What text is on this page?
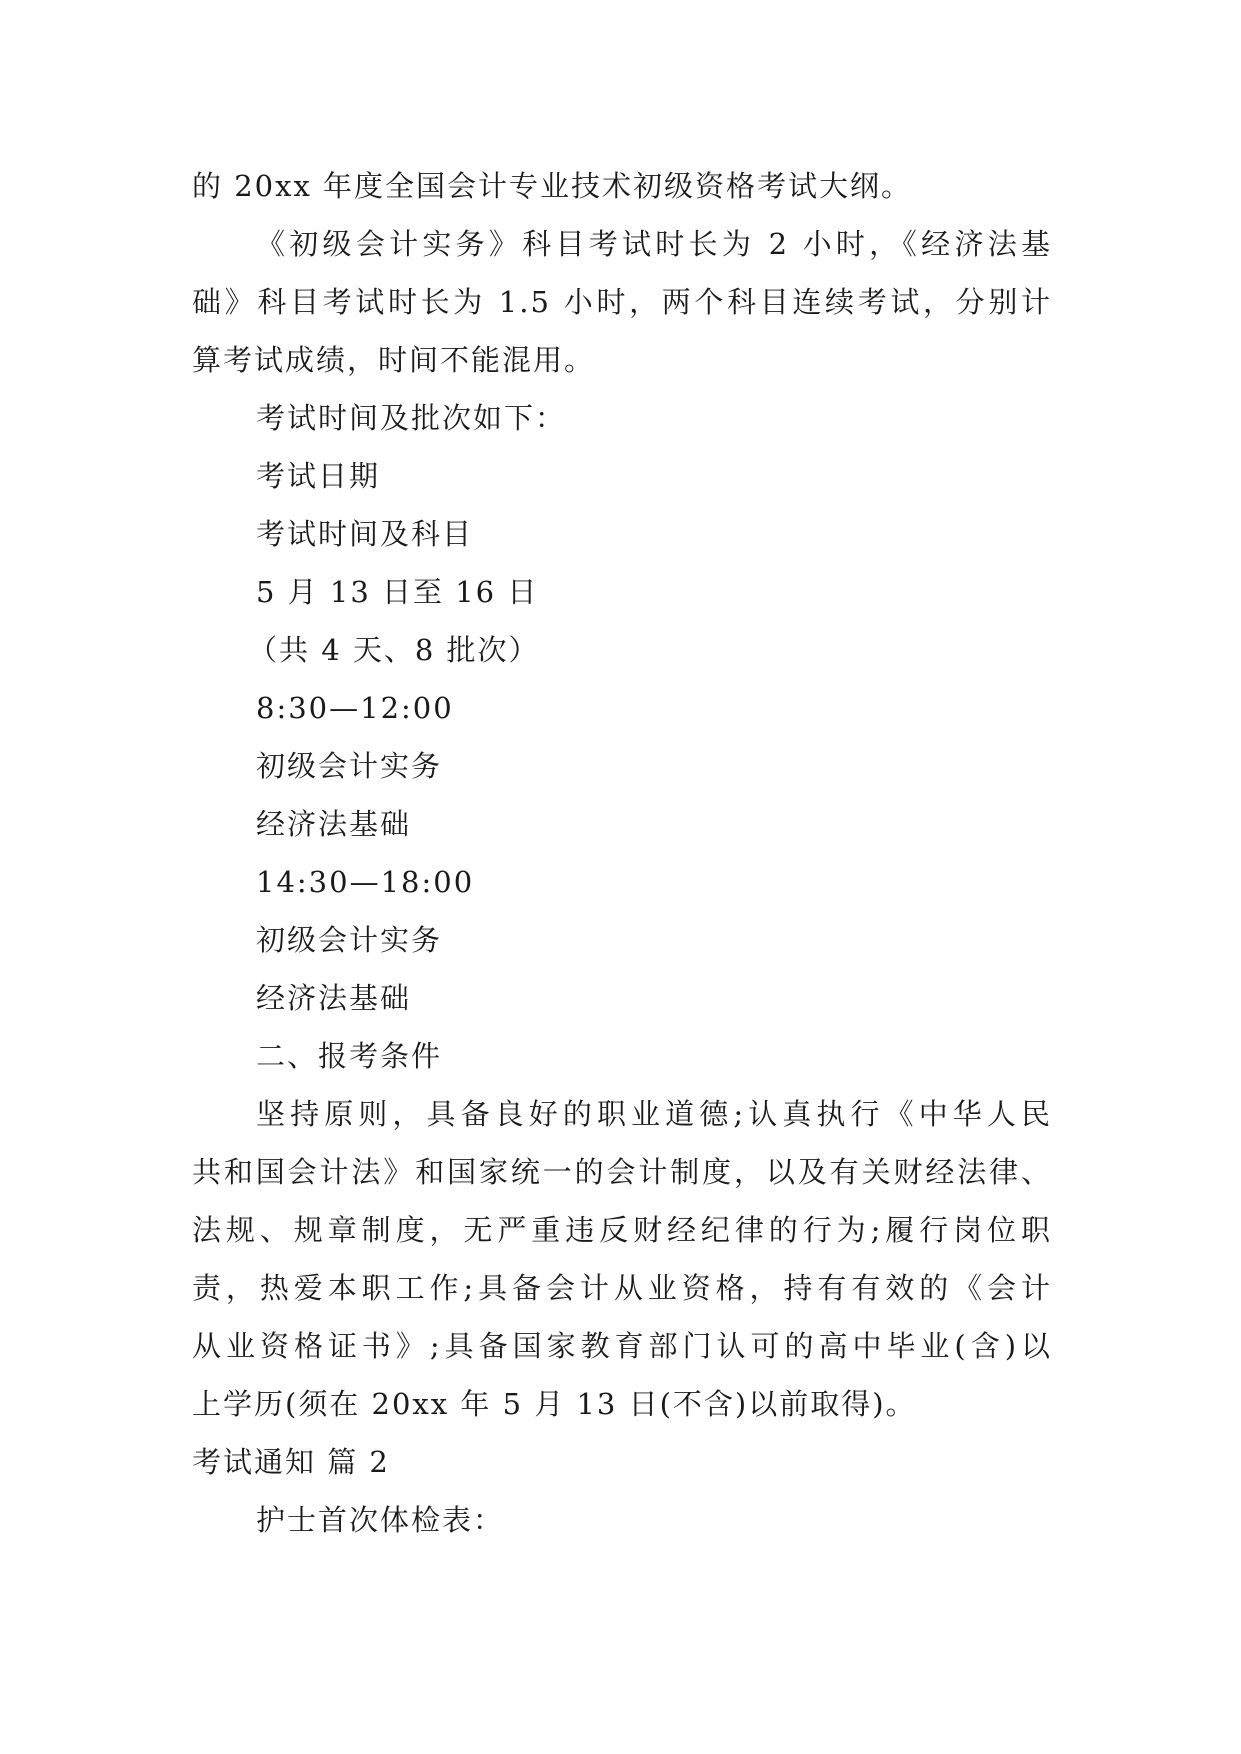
的 20xx 年度全国会计专业技术初级资格考试大纲。
《初级会计实务》科目考试时长为 2 小时，《经济法基
础》科目考试时长为 1.5 小时，两个科目连续考试，分别计
算考试成绩，时间不能混用。
考试时间及批次如下：
考试日期
考试时间及科目
5 月 13 日至 16 日
（共 4 天、8 批次）
8:30—12:00
初级会计实务
经济法基础
14:30—18:00
初级会计实务
经济法基础
二、报考条件
坚持原则，具备良好的职业道德;认真执行《中华人民
共和国会计法》和国家统一的会计制度，以及有关财经法律、
法规、规章制度，无严重违反财经纪律的行为;履行岗位职
责，热爱本职工作;具备会计从业资格，持有有效的《会计
从业资格证书》;具备国家教育部门认可的高中毕业(含)以
上学历(须在 20xx 年 5 月 13 日(不含)以前取得)。
考试通知 篇 2
护士首次体检表：
